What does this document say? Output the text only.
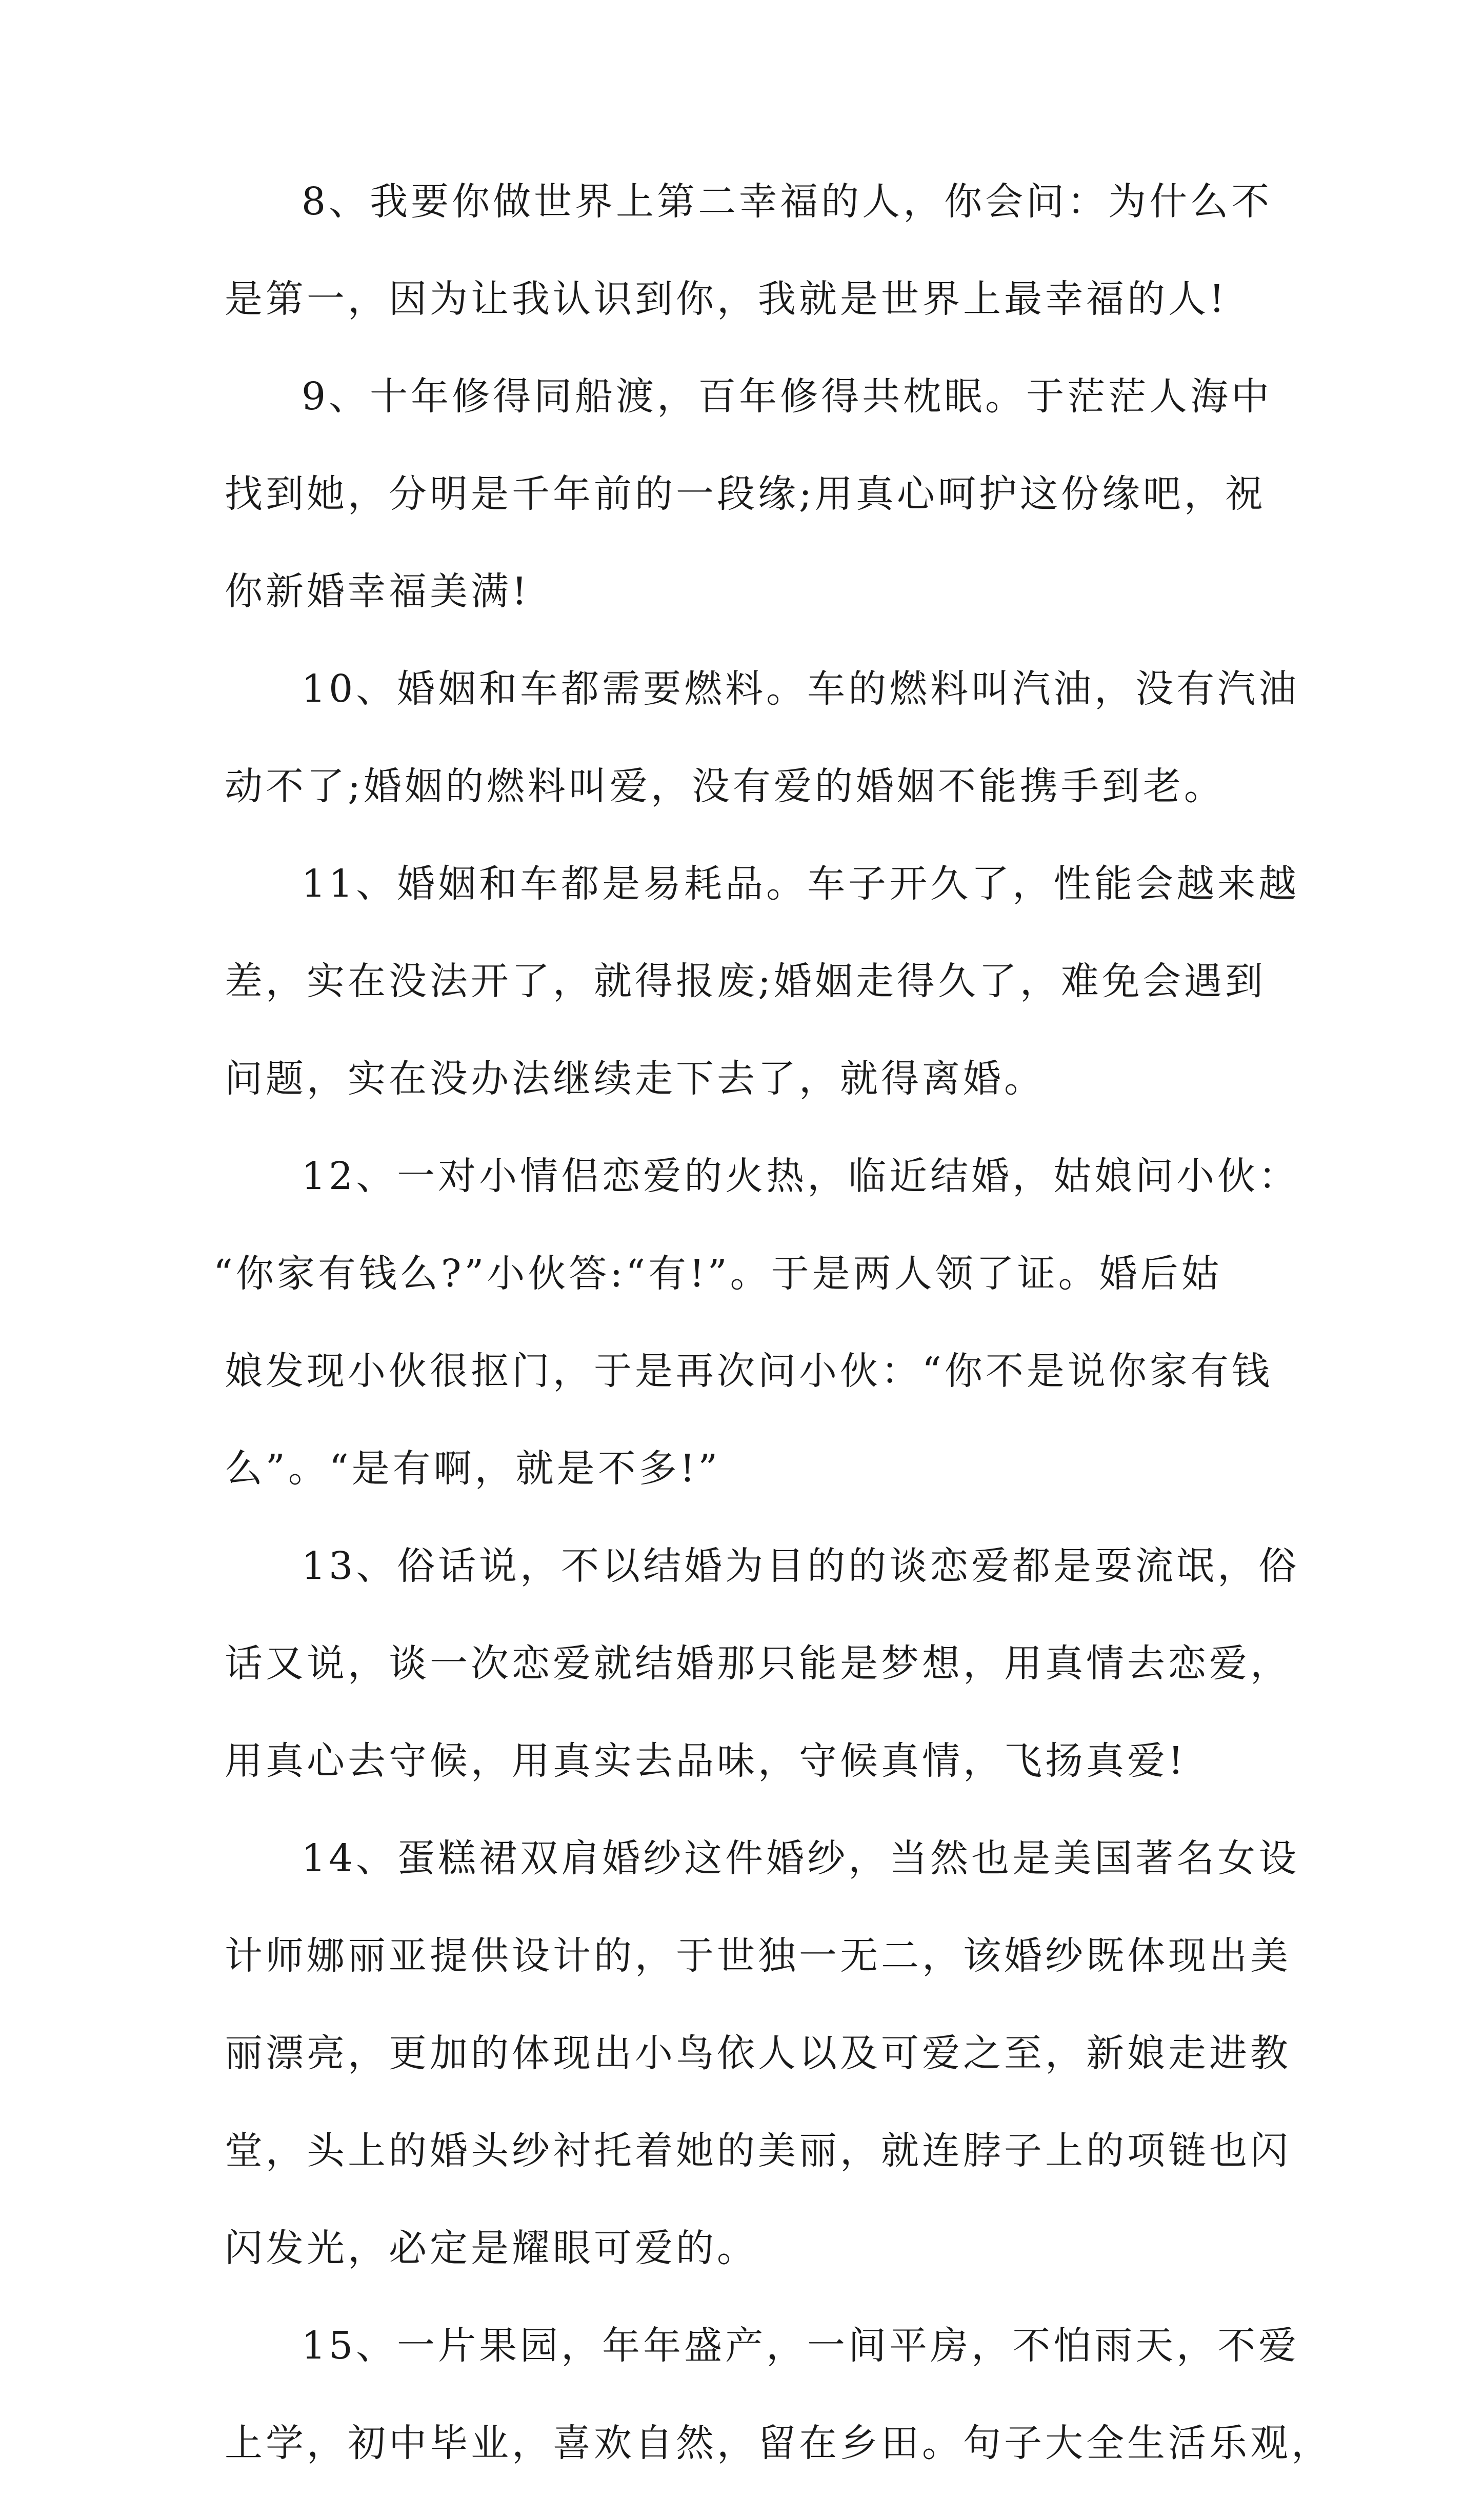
8、我要你做世界上第二幸福的人，你会问：为什么不
是第一，因为让我认识到你，我就是世界上最幸福的人!
9、十年修得同船渡，百年修得共枕眠。于茫茫人海中
找到她，分明是千年前的一段缘;用真心呵护这份缘吧，祝
你新婚幸福美满!
10、婚姻和车都需要燃料。车的燃料叫汽油，没有汽油
动不了;婚姻的燃料叫爱，没有爱的婚姻不能携手到老。
11、婚姻和车都是易耗品。车子开久了，性能会越来越
差，实在没法开了，就得报废;婚姻走得久了，难免会遇到
问题，实在没办法继续走下去了，就得离婚。
12、一对小情侣恋爱的火热，临近结婚，姑娘问小伙：
“你家有钱么?”小伙答:“有!”。于是两人领了证。婚后姑
娘发现小伙很抠门，于是再次问小伙：“你不是说你家有钱
么”。“是有啊，就是不多!”
13、俗话说，不以结婚为目的的谈恋爱都是耍流氓，俗
话又说，谈一次恋爱就结婚那只能是梦想，用真情去恋爱，
用真心去守候，用真实去品味，守候真情，飞扬真爱!
14、蛋糕裙双肩婚纱这件婚纱，当然也是美国著名女设
计师娜丽亚提供设计的，于世独一无二，该婚纱既体现出美
丽漂亮，更加的体现出小鸟依人以及可爱之至，新娘走进教
堂，头上的婚头纱衬托着她的美丽，就连脖子上的项链也闪
闪发光，必定是耀眼可爱的。
15、一片果园，年年盛产，一间平房，不怕雨天，不爱
上学，初中毕业，喜欢自然，留在乡田。句子大全生活乐观，
